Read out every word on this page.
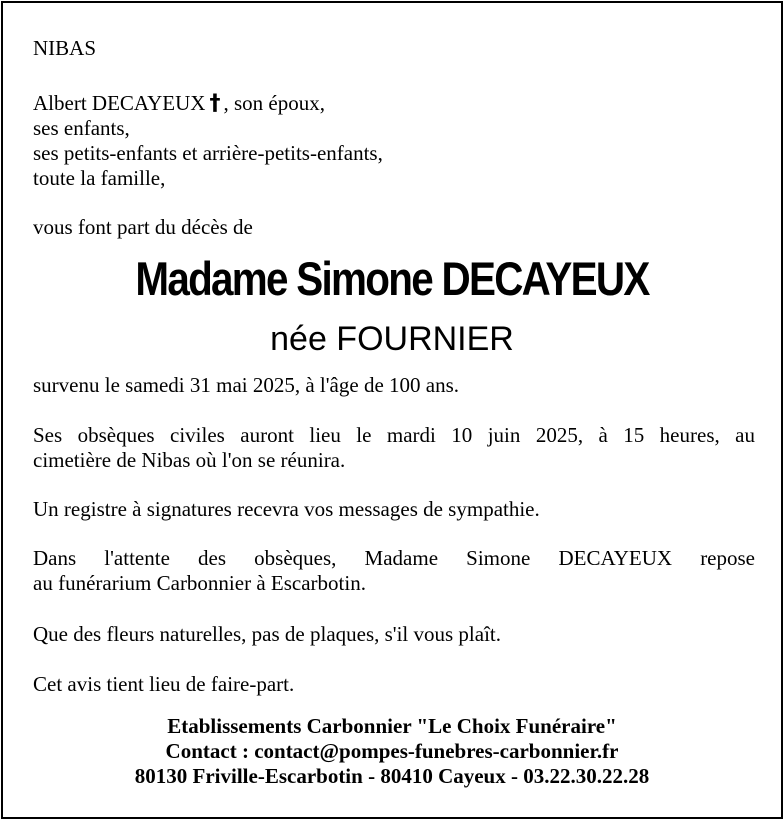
NIBAS
Albert DECAYEUX † , son époux,
ses enfants,
ses petits-enfants et arrière-petits-enfants,
toute la famille,
vous font part du décès de
Madame Simone DECAYEUX
née FOURNIER
survenu le samedi 31 mai 2025, à l'âge de 100 ans.
Ses obsèques civiles auront lieu le mardi 10 juin 2025, à 15 heures, au
cimetière de Nibas où l'on se réunira.
Un registre à signatures recevra vos messages de sympathie.
Dans l'attente des obsèques, Madame Simone DECAYEUX repose
au funérarium Carbonnier à Escarbotin.
Que des fleurs naturelles, pas de plaques, s'il vous plaît.
Cet avis tient lieu de faire-part.
Etablissements Carbonnier "Le Choix Funéraire"
Contact : contact@pompes-funebres-carbonnier.fr
80130 Friville-Escarbotin - 80410 Cayeux - 03.22.30.22.28
